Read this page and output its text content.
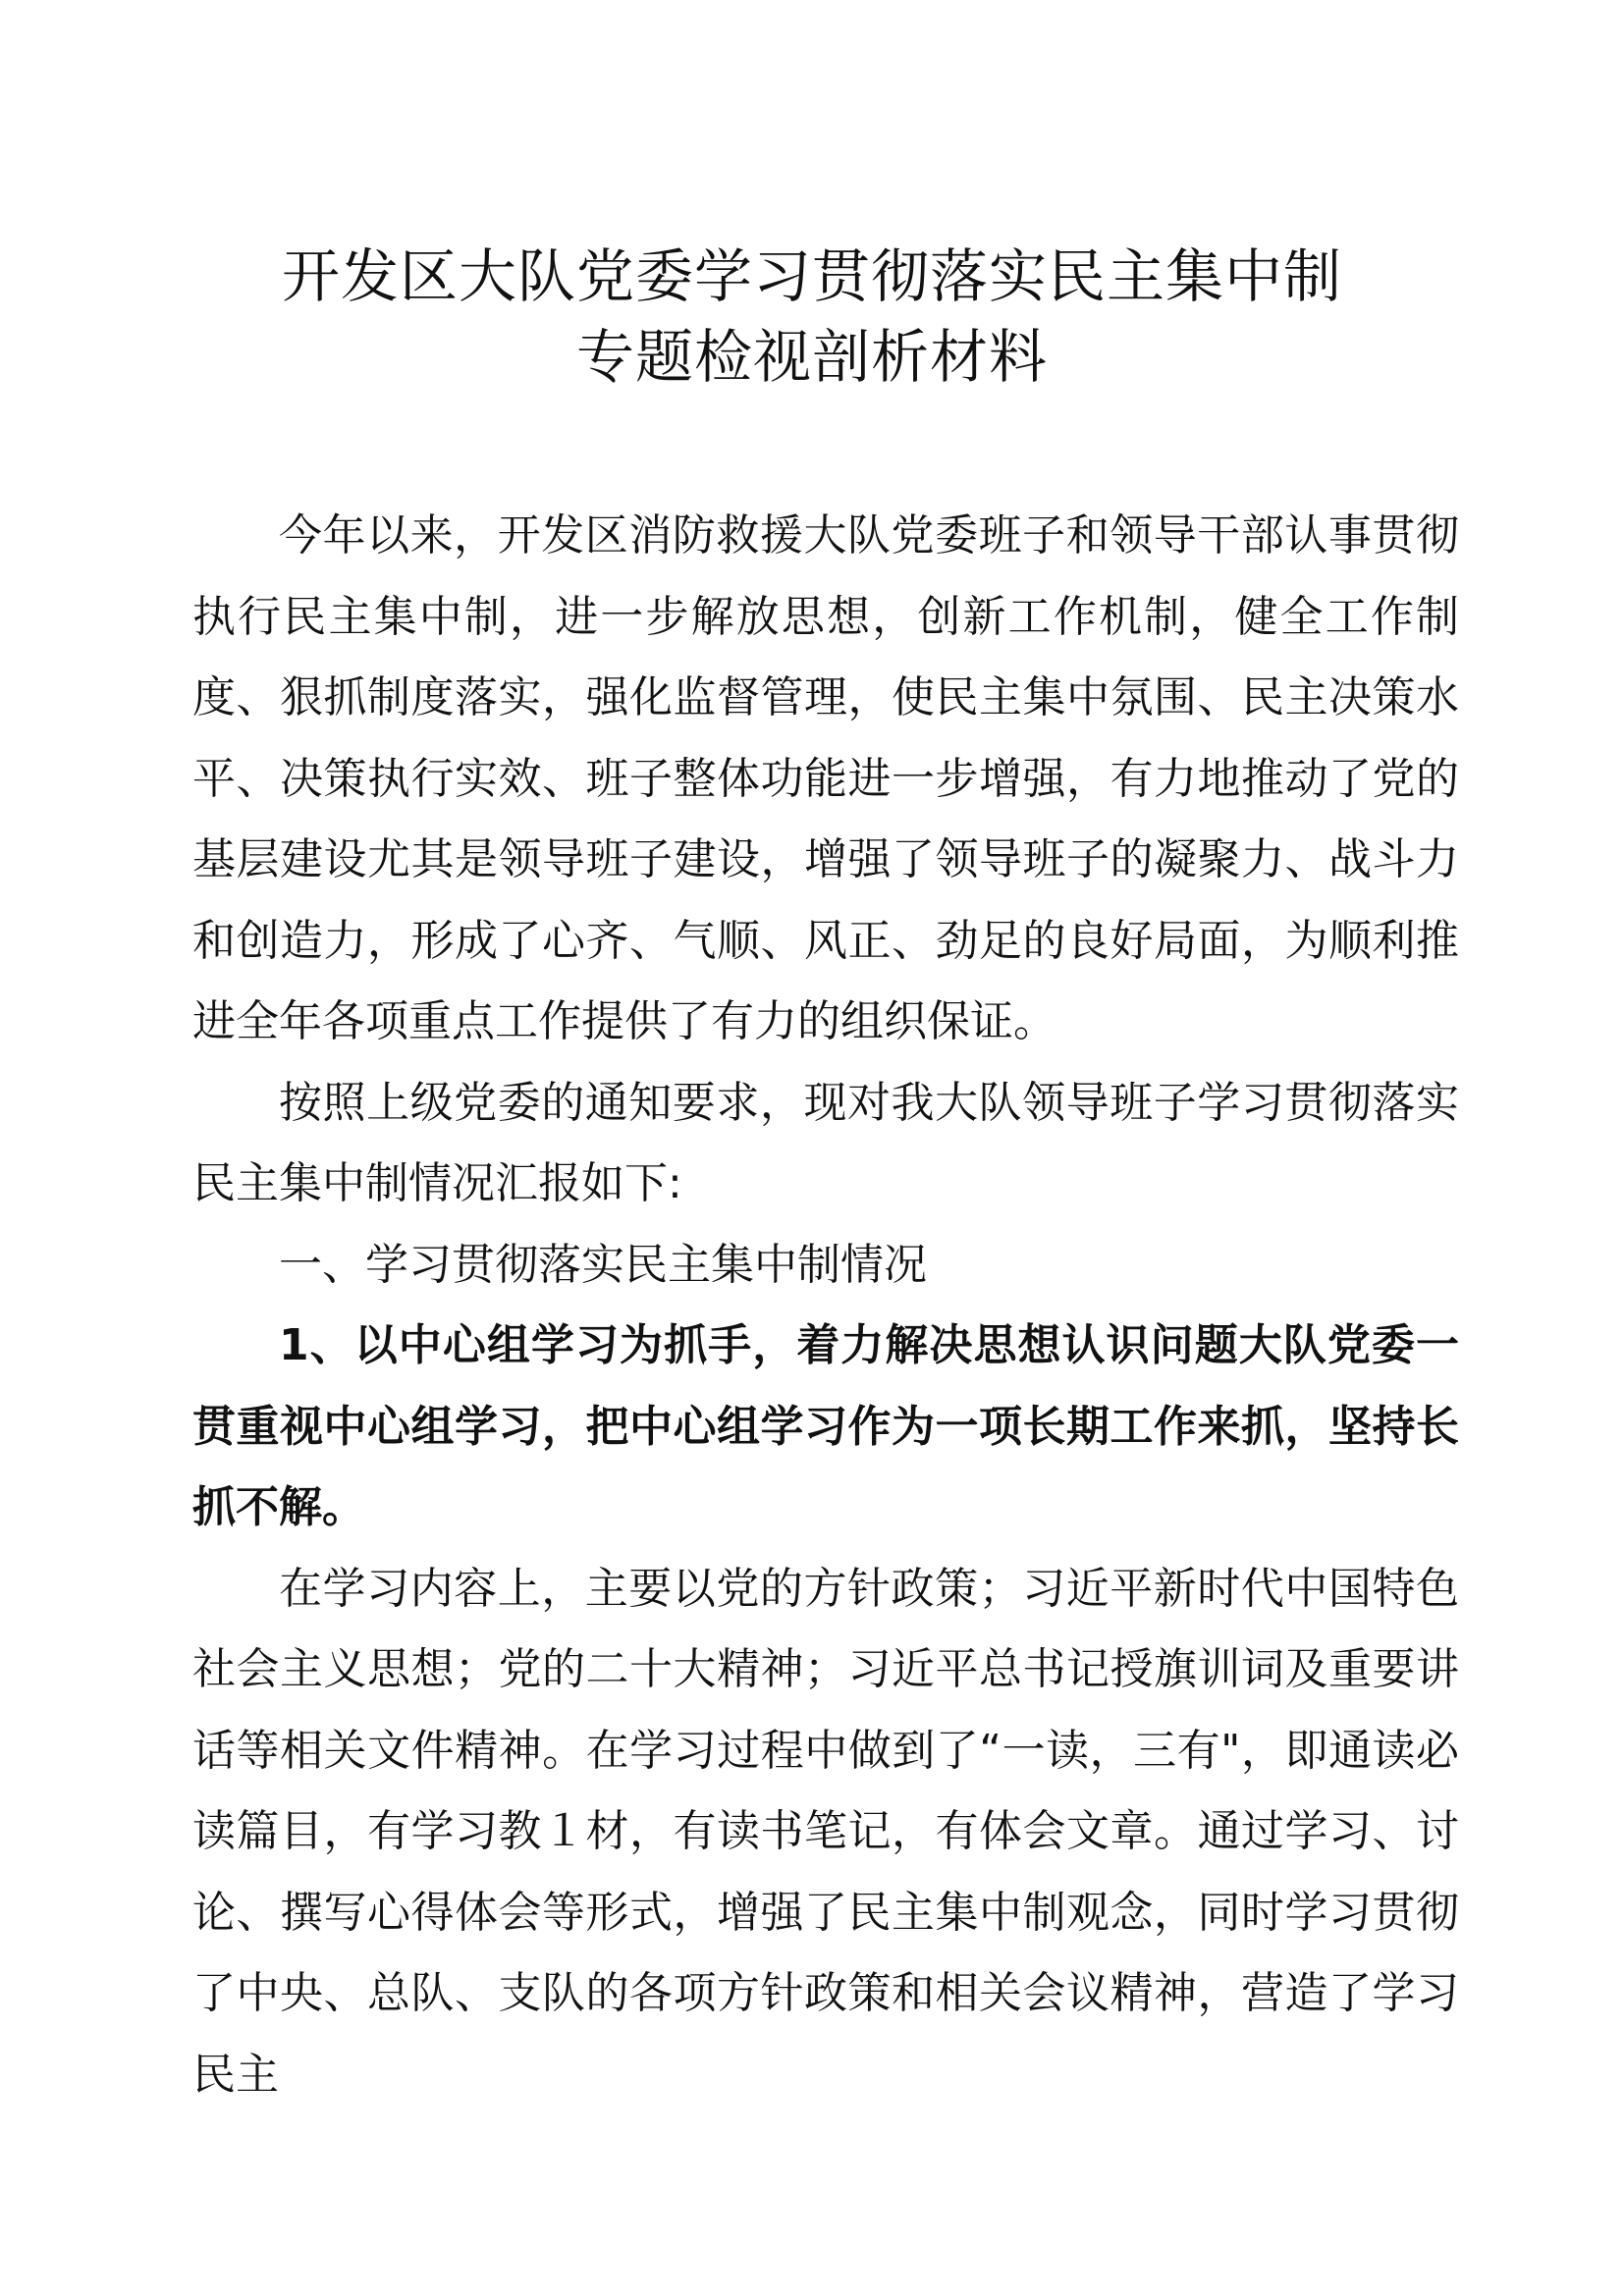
开发区大队党委学习贯彻落实民主集中制
专题检视剖析材料

今年以来，开发区消防救援大队党委班子和领导干部认事贯彻执行民主集中制，进一步解放思想，创新工作机制，健全工作制度、狠抓制度落实，强化监督管理，使民主集中氛围、民主决策水平、决策执行实效、班子整体功能进一步增强，有力地推动了党的基层建设尤其是领导班子建设，增强了领导班子的凝聚力、战斗力和创造力，形成了心齐、气顺、风正、劲足的良好局面，为顺利推进全年各项重点工作提供了有力的组织保证。

按照上级党委的通知要求，现对我大队领导班子学习贯彻落实民主集中制情况汇报如下:

一、学习贯彻落实民主集中制情况

1、以中心组学习为抓手，着力解决思想认识问题大队党委一贯重视中心组学习，把中心组学习作为一项长期工作来抓，坚持长抓不解。

在学习内容上，主要以党的方针政策；习近平新时代中国特色社会主义思想；党的二十大精神；习近平总书记授旗训词及重要讲话等相关文件精神。在学习过程中做到了“一读，三有"，即通读必读篇目，有学习教１材，有读书笔记，有体会文章。通过学习、讨论、撰写心得体会等形式，增强了民主集中制观念，同时学习贯彻了中央、总队、支队的各项方针政策和相关会议精神，营造了学习民主
